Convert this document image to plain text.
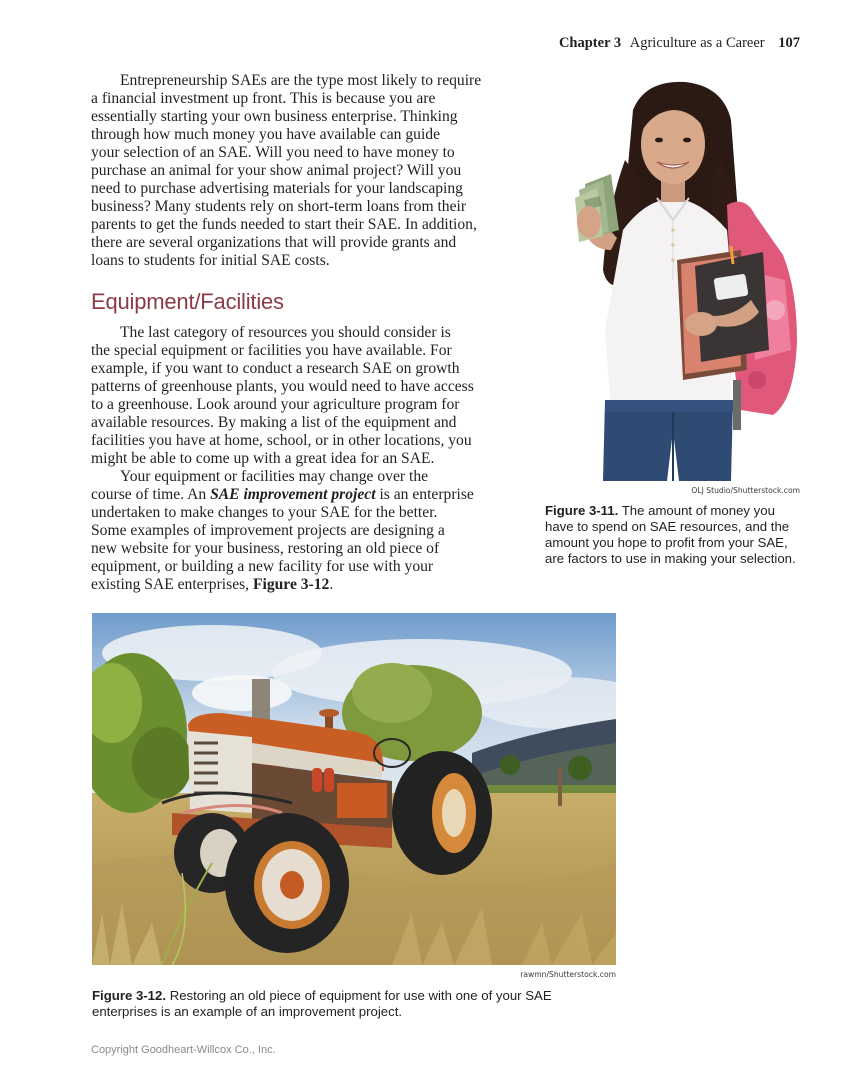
Chapter 3 Agriculture as a Career 107
Entrepreneurship SAEs are the type most likely to require
a financial investment up front. This is because you are
essentially starting your own business enterprise. Thinking
through how much money you have available can guide
your selection of an SAE. Will you need to have money to
purchase an animal for your show animal project? Will you
need to purchase advertising materials for your landscaping
business? Many students rely on short-term loans from their
parents to get the funds needed to start their SAE. In addition,
there are several organizations that will provide grants and
loans to students for initial SAE costs.
Equipment/Facilities
The last category of resources you should consider is
the special equipment or facilities you have available. For
example, if you want to conduct a research SAE on growth
patterns of greenhouse plants, you would need to have access
to a greenhouse. Look around your agriculture program for
available resources. By making a list of the equipment and
facilities you have at home, school, or in other locations, you
might be able to come up with a great idea for an SAE.
Your equipment or facilities may change over the
course of time. An SAE improvement project is an enterprise
undertaken to make changes to your SAE for the better.
Some examples of improvement projects are designing a
new website for your business, restoring an old piece of
equipment, or building a new facility for use with your
existing SAE enterprises, Figure 3-12.
OLJ Studio/Shutterstock.com
Figure 3-11. The amount of money you
have to spend on SAE resources, and the
amount you hope to profit from your SAE,
are factors to use in making your selection.
rawmn/Shutterstock.com
Figure 3-12. Restoring an old piece of equipment for use with one of your SAE
enterprises is an example of an improvement project.
Copyright Goodheart-Willcox Co., Inc.
